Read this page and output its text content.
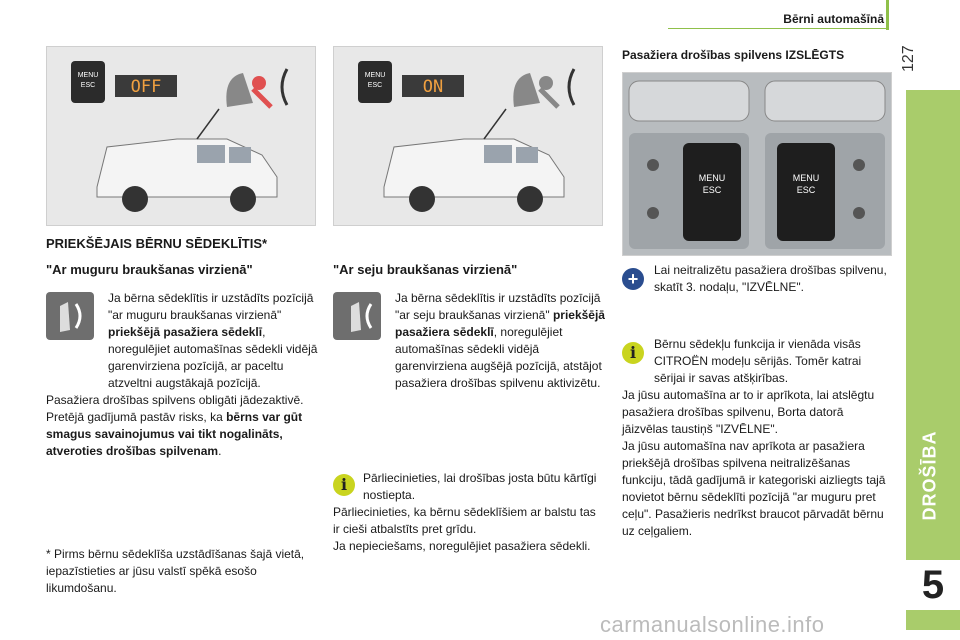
Bērni automašīnā
127
DROŠĪBA
5
MENU
ESC OFF
MENU
ESC ON
PRIEKŠĒJAIS BĒRNU SĒDEKLĪTIS*
"Ar muguru braukšanas virzienā"
Ja bērna sēdeklītis ir uzstādīts pozīcijā "ar muguru braukšanas virzienā" priekšējā pasažiera sēdeklī, noregulējiet automašīnas sēdekli vidējā garenvirziena pozīcijā, ar paceltu atzveltni augstākajā pozīcijā.
Pasažiera drošības spilvens obligāti jādezaktivē. Pretējā gadījumā pastāv risks, ka bērns var gūt smagus savainojumus vai tikt nogalināts, atveroties drošības spilvenam.
* Pirms bērnu sēdeklīša uzstādīšanas šajā vietā, iepazīstieties ar jūsu valstī spēkā esošo likumdošanu.
"Ar seju braukšanas virzienā"
Ja bērna sēdeklītis ir uzstādīts pozīcijā "ar seju braukšanas virzienā" priekšējā pasažiera sēdeklī, noregulējiet automašīnas sēdekli vidējā garenvirziena augšējā pozīcijā, atstājot pasažiera drošības spilvenu aktivizētu.
i	Pārliecinieties, lai drošības josta būtu kārtīgi nostiepta.
Pārliecinieties, ka bērnu sēdeklīšiem ar balstu tas ir cieši atbalstīts pret grīdu.
Ja nepieciešams, noregulējiet pasažiera sēdekli.
Pasažiera drošības spilvens IZSLĒGTS
MENU
ESC
MENU
ESC
+	Lai neitralizētu pasažiera drošības spilvenu, skatīt 3. nodaļu, "IZVĒLNE".
i	Bērnu sēdekļu funkcija ir vienāda visās CITROËN modeļu sērijās. Tomēr katrai sērijai ir savas atšķirības.
Ja jūsu automašīna ar to ir aprīkota, lai atslēgtu pasažiera drošības spilvenu, Borta datorā jāizvēlas taustiņš "IZVĒLNE".
Ja jūsu automašīna nav aprīkota ar pasažiera priekšējā drošības spilvena neitralizēšanas funkciju, tādā gadījumā ir kategoriski aizliegts tajā novietot bērnu sēdeklīti pozīcijā "ar muguru pret ceļu". Pasažieris nedrīkst braucot pārvadāt bērnu uz ceļgaliem.
carmanualsonline.info
